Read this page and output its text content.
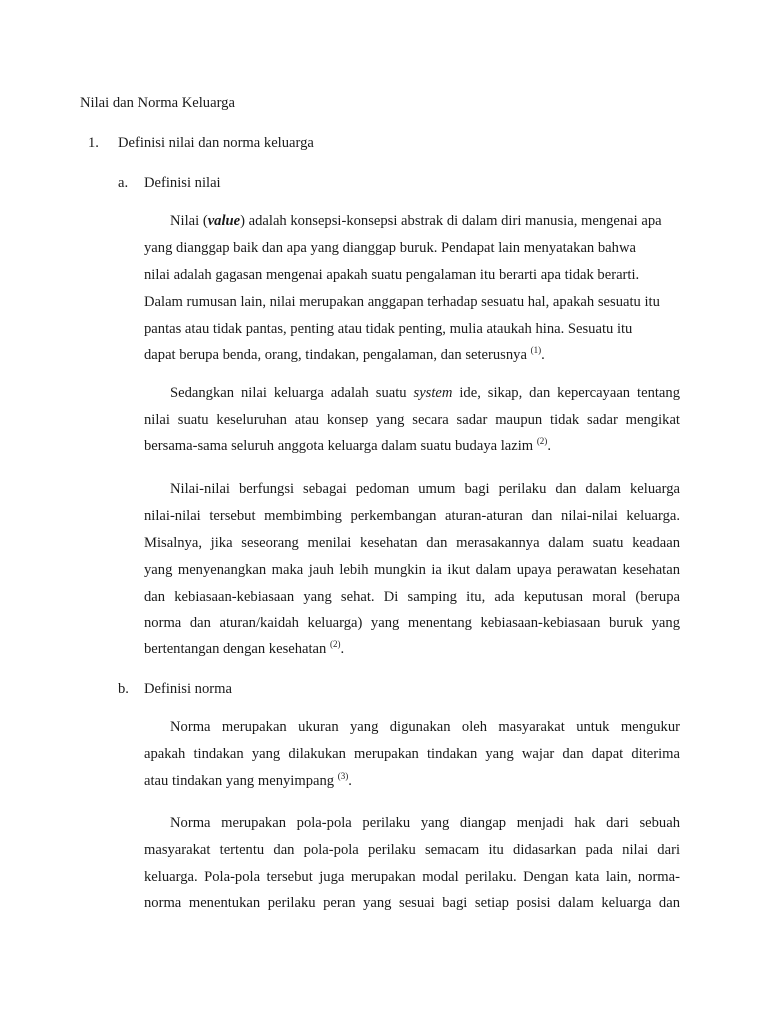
Nilai dan Norma Keluarga
1. Definisi nilai dan norma keluarga
a. Definisi nilai
Nilai (value) adalah konsepsi-konsepsi abstrak di dalam diri manusia, mengenai apa
yang dianggap baik dan apa yang dianggap buruk. Pendapat lain menyatakan bahwa
nilai adalah gagasan mengenai apakah suatu pengalaman itu berarti apa tidak berarti.
Dalam rumusan lain, nilai merupakan anggapan terhadap sesuatu hal, apakah sesuatu itu
pantas atau tidak pantas, penting atau tidak penting, mulia ataukah hina. Sesuatu itu
dapat berupa benda, orang, tindakan, pengalaman, dan seterusnya $^{(1)}$.
Sedangkan nilai keluarga adalah suatu system ide, sikap, dan kepercayaan tentang
nilai suatu keseluruhan atau konsep yang secara sadar maupun tidak sadar mengikat
bersama-sama seluruh anggota keluarga dalam suatu budaya lazim $^{(2)}$.
Nilai-nilai berfungsi sebagai pedoman umum bagi perilaku dan dalam keluarga
nilai-nilai tersebut membimbing perkembangan aturan-aturan dan nilai-nilai keluarga.
Misalnya, jika seseorang menilai kesehatan dan merasakannya dalam suatu keadaan
yang menyenangkan maka jauh lebih mungkin ia ikut dalam upaya perawatan kesehatan
dan kebiasaan-kebiasaan yang sehat. Di samping itu, ada keputusan moral (berupa
norma dan aturan/kaidah keluarga) yang menentang kebiasaan-kebiasaan buruk yang
bertentangan dengan kesehatan $^{(2)}$.
b. Definisi norma
Norma merupakan ukuran yang digunakan oleh masyarakat untuk mengukur
apakah tindakan yang dilakukan merupakan tindakan yang wajar dan dapat diterima
atau tindakan yang menyimpang $^{(3)}$.
Norma merupakan pola-pola perilaku yang diangap menjadi hak dari sebuah
masyarakat tertentu dan pola-pola perilaku semacam itu didasarkan pada nilai dari
keluarga. Pola-pola tersebut juga merupakan modal perilaku. Dengan kata lain, norma-
norma menentukan perilaku peran yang sesuai bagi setiap posisi dalam keluarga dan
